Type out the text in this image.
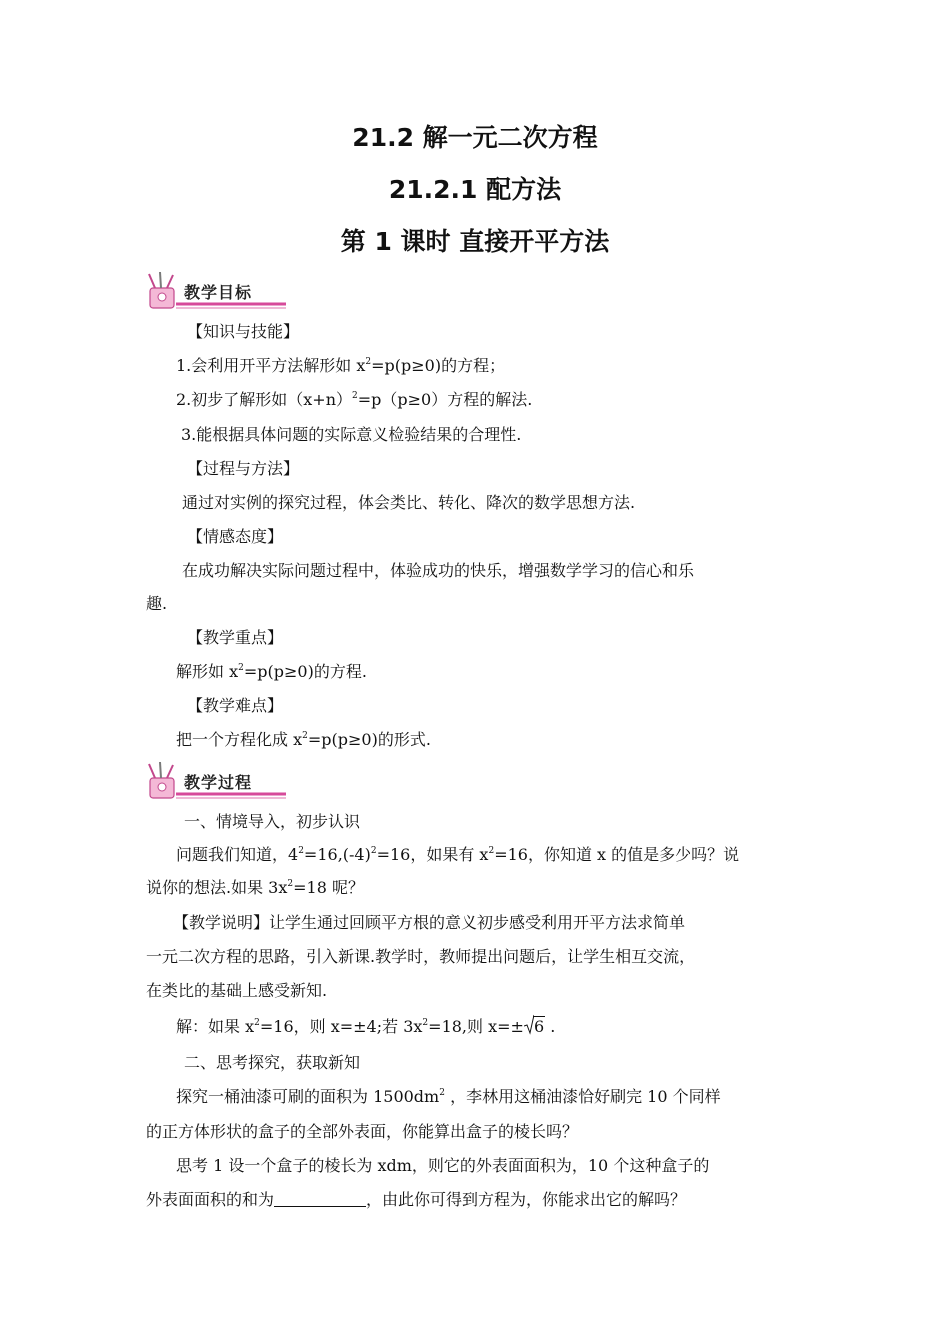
21.2 解一元二次方程
21.2.1 配方法
第 1 课时 直接开平方法
教学目标
【知识与技能】
1.会利用开平方法解形如 $x^2=p(p\ge 0)$的方程；
2.初步了解形如$(x+n)^2=p(p\ge 0)$方程的解法.
3.能根据具体问题的实际意义检验结果的合理性.
【过程与方法】
通过对实例的探究过程，体会类比、转化、降次的数学思想方法.
【情感态度】
在成功解决实际问题过程中，体验成功的快乐，增强数学学习的信心和乐
趣.
【教学重点】
解形如 $x^2=p(p\ge 0)$的方程.
【教学难点】
把一个方程化成 $x^2=p(p\ge 0)$的形式.
教学过程
一、情境导入，初步认识
问题我们知道，$4^2=16,(-4)^2=16$，如果有 $x^2=16$，你知道 x 的值是多少吗？说
说你的想法.如果 $3x^2=18$ 呢？
【教学说明】让学生通过回顾平方根的意义初步感受利用开平方法求简单
一元二次方程的思路，引入新课.教学时，教师提出问题后，让学生相互交流，
在类比的基础上感受新知.
解：如果 $x^2=16$，则 x=±4;若 $3x^2=18$,则 x=± 6 .
二、思考探究，获取新知
探究一桶油漆可刷的面积为 $1500dm^2$ ，李林用这桶油漆恰好刷完 10 个同样
的正方体形状的盒子的全部外表面，你能算出盒子的棱长吗？
思考 1 设一个盒子的棱长为 xdm，则它的外表面面积为，10 个这种盒子的
外表面面积的和为	，由此你可得到方程为，你能求出它的解吗？
